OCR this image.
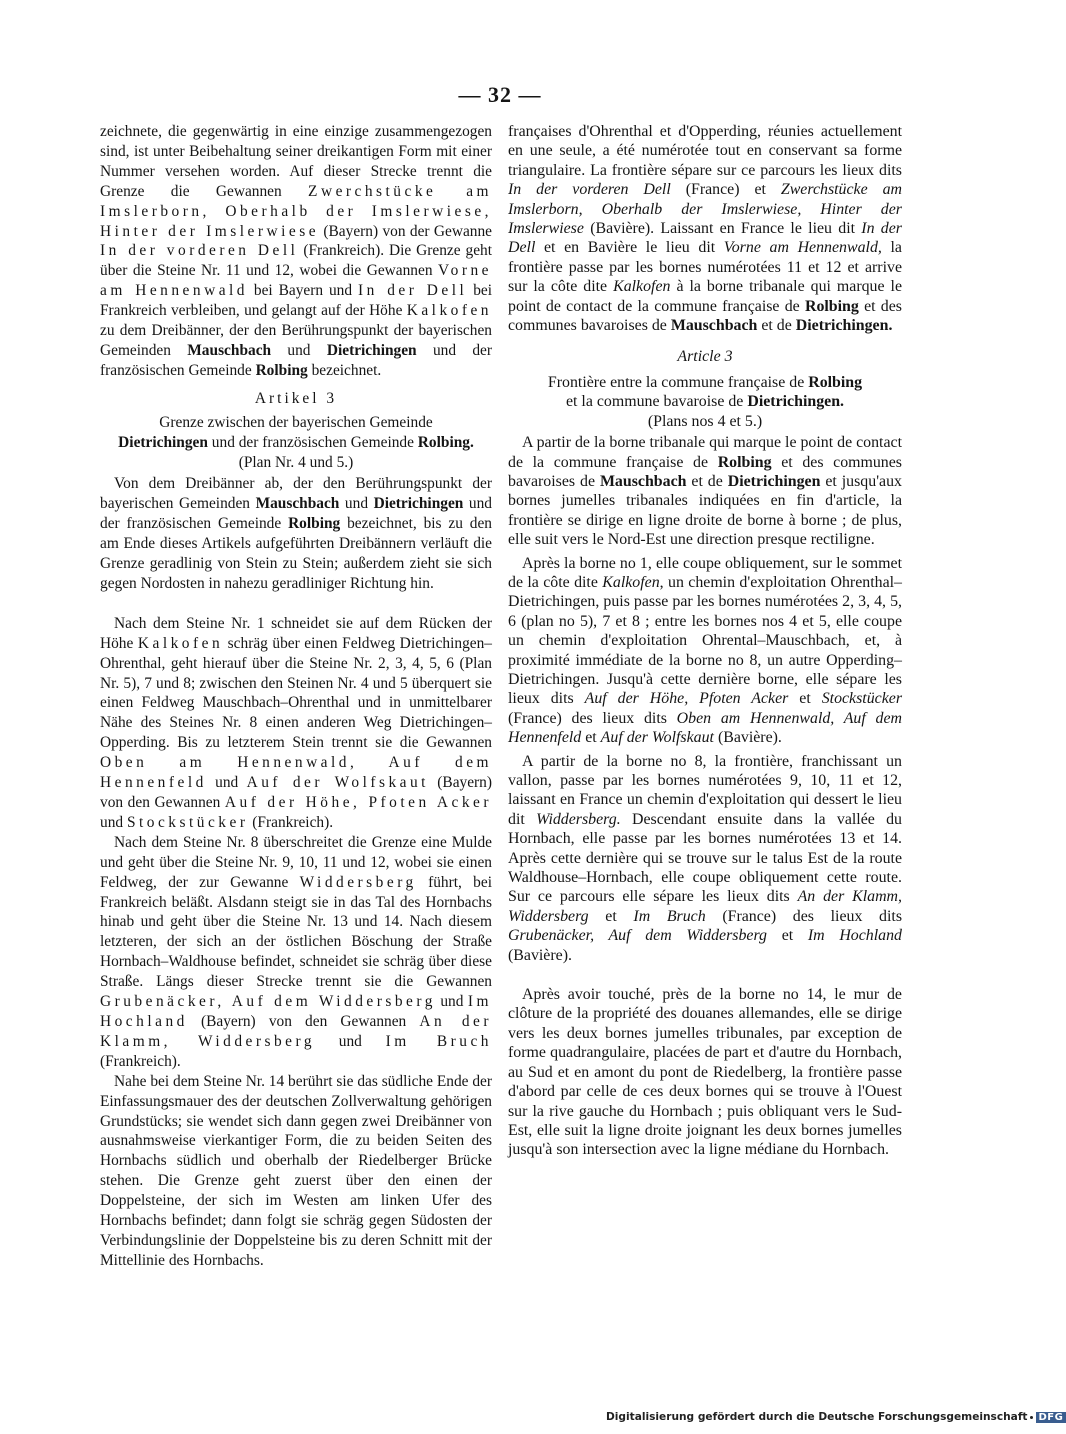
— 32 —

zeichnete, die gegenwärtig in eine einzige zusammengezogen sind, ist unter Beibehaltung seiner dreikantigen Form mit einer Nummer versehen worden. Auf dieser Strecke trennt die Grenze die Gewannen Zwerchstücke am Imslerborn, Oberhalb der Imslerwiese, Hinter der Imslerwiese (Bayern) von der Gewanne In der vorderen Dell (Frankreich). Die Grenze geht über die Steine Nr. 11 und 12, wobei die Gewannen Vorne am Hennenwald bei Bayern und In der Dell bei Frankreich verbleiben, und gelangt auf der Höhe Kalkofen zu dem Dreibänner, der den Berührungspunkt der bayerischen Gemeinden Mauschbach und Dietrichingen und der französischen Gemeinde Rolbing bezeichnet.

Artikel 3

Grenze zwischen der bayerischen Gemeinde

Dietrichingen und der französischen Gemeinde Rolbing.

(Plan Nr. 4 und 5.)

Von dem Dreibänner ab, der den Berührungspunkt der bayerischen Gemeinden Mauschbach und Dietrichingen und der französischen Gemeinde Rolbing bezeichnet, bis zu den am Ende dieses Artikels aufgeführten Dreibännern verläuft die Grenze geradlinig von Stein zu Stein; außerdem zieht sie sich gegen Nordosten in nahezu geradliniger Richtung hin.

Nach dem Steine Nr. 1 schneidet sie auf dem Rücken der Höhe Kalkofen schräg über einen Feldweg Dietrichingen–Ohrenthal, geht hierauf über die Steine Nr. 2, 3, 4, 5, 6 (Plan Nr. 5), 7 und 8; zwischen den Steinen Nr. 4 und 5 überquert sie einen Feldweg Mauschbach–Ohrenthal und in unmittelbarer Nähe des Steines Nr. 8 einen anderen Weg Dietrichingen–Opperding. Bis zu letzterem Stein trennt sie die Gewannen Oben am Hennenwald, Auf dem Hennenfeld und Auf der Wolfskaut (Bayern) von den Gewannen Auf der Höhe, Pfoten Acker und Stockstücker (Frankreich).

Nach dem Steine Nr. 8 überschreitet die Grenze eine Mulde und geht über die Steine Nr. 9, 10, 11 und 12, wobei sie einen Feldweg, der zur Gewanne Widdersberg führt, bei Frankreich beläßt. Alsdann steigt sie in das Tal des Hornbachs hinab und geht über die Steine Nr. 13 und 14. Nach diesem letzteren, der sich an der östlichen Böschung der Straße Hornbach–Waldhouse befindet, schneidet sie schräg über diese Straße. Längs dieser Strecke trennt sie die Gewannen Grubenäcker, Auf dem Widdersberg und Im Hochland (Bayern) von den Gewannen An der Klamm, Widdersberg und Im Bruch (Frankreich).

Nahe bei dem Steine Nr. 14 berührt sie das südliche Ende der Einfassungsmauer des der deutschen Zollverwaltung gehörigen Grundstücks; sie wendet sich dann gegen zwei Dreibänner von ausnahmsweise vierkantiger Form, die zu beiden Seiten des Hornbachs südlich und oberhalb der Riedelberger Brücke stehen. Die Grenze geht zuerst über den einen der Doppelsteine, der sich im Westen am linken Ufer des Hornbachs befindet; dann folgt sie schräg gegen Südosten der Verbindungslinie der Doppelsteine bis zu deren Schnitt mit der Mittellinie des Hornbachs.

françaises d'Ohrenthal et d'Opperding, réunies actuellement en une seule, a été numérotée tout en conservant sa forme triangulaire. La frontière sépare sur ce parcours les lieux dits In der vorderen Dell (France) et Zwerchstücke am Imslerborn, Oberhalb der Imslerwiese, Hinter der Imslerwiese (Bavière). Laissant en France le lieu dit In der Dell et en Bavière le lieu dit Vorne am Hennenwald, la frontière passe par les bornes numérotées 11 et 12 et arrive sur la côte dite Kalkofen à la borne tribanale qui marque le point de contact de la commune française de Rolbing et des communes bavaroises de Mauschbach et de Dietrichingen.

Article 3

Frontière entre la commune française de Rolbing

et la commune bavaroise de Dietrichingen.

(Plans nos 4 et 5.)

A partir de la borne tribanale qui marque le point de contact de la commune française de Rolbing et des communes bavaroises de Mauschbach et de Dietrichingen et jusqu'aux bornes jumelles tribanales indiquées en fin d'article, la frontière se dirige en ligne droite de borne à borne ; de plus, elle suit vers le Nord-Est une direction presque rectiligne.

Après la borne no 1, elle coupe obliquement, sur le sommet de la côte dite Kalkofen, un chemin d'exploitation Ohrenthal–Dietrichingen, puis passe par les bornes numérotées 2, 3, 4, 5, 6 (plan no 5), 7 et 8 ; entre les bornes nos 4 et 5, elle coupe un chemin d'exploitation Ohrental–Mauschbach, et, à proximité immédiate de la borne no 8, un autre Opperding–Dietrichingen. Jusqu'à cette dernière borne, elle sépare les lieux dits Auf der Höhe, Pfoten Acker et Stockstücker (France) des lieux dits Oben am Hennenwald, Auf dem Hennenfeld et Auf der Wolfskaut (Bavière).

A partir de la borne no 8, la frontière, franchissant un vallon, passe par les bornes numérotées 9, 10, 11 et 12, laissant en France un chemin d'exploitation qui dessert le lieu dit Widdersberg. Descendant ensuite dans la vallée du Hornbach, elle passe par les bornes numérotées 13 et 14. Après cette dernière qui se trouve sur le talus Est de la route Waldhouse–Hornbach, elle coupe obliquement cette route. Sur ce parcours elle sépare les lieux dits An der Klamm, Widdersberg et Im Bruch (France) des lieux dits Grubenäcker, Auf dem Widdersberg et Im Hochland (Bavière).

Après avoir touché, près de la borne no 14, le mur de clôture de la propriété des douanes allemandes, elle se dirige vers les deux bornes jumelles tribunales, par exception de forme quadrangulaire, placées de part et d'autre du Hornbach, au Sud et en amont du pont de Riedelberg, la frontière passe d'abord par celle de ces deux bornes qui se trouve à l'Ouest sur la rive gauche du Hornbach ; puis obliquant vers le Sud-Est, elle suit la ligne droite joignant les deux bornes jumelles jusqu'à son intersection avec la ligne médiane du Hornbach.

Digitalisierung gefördert durch die Deutsche Forschungsgemeinschaft DFG
